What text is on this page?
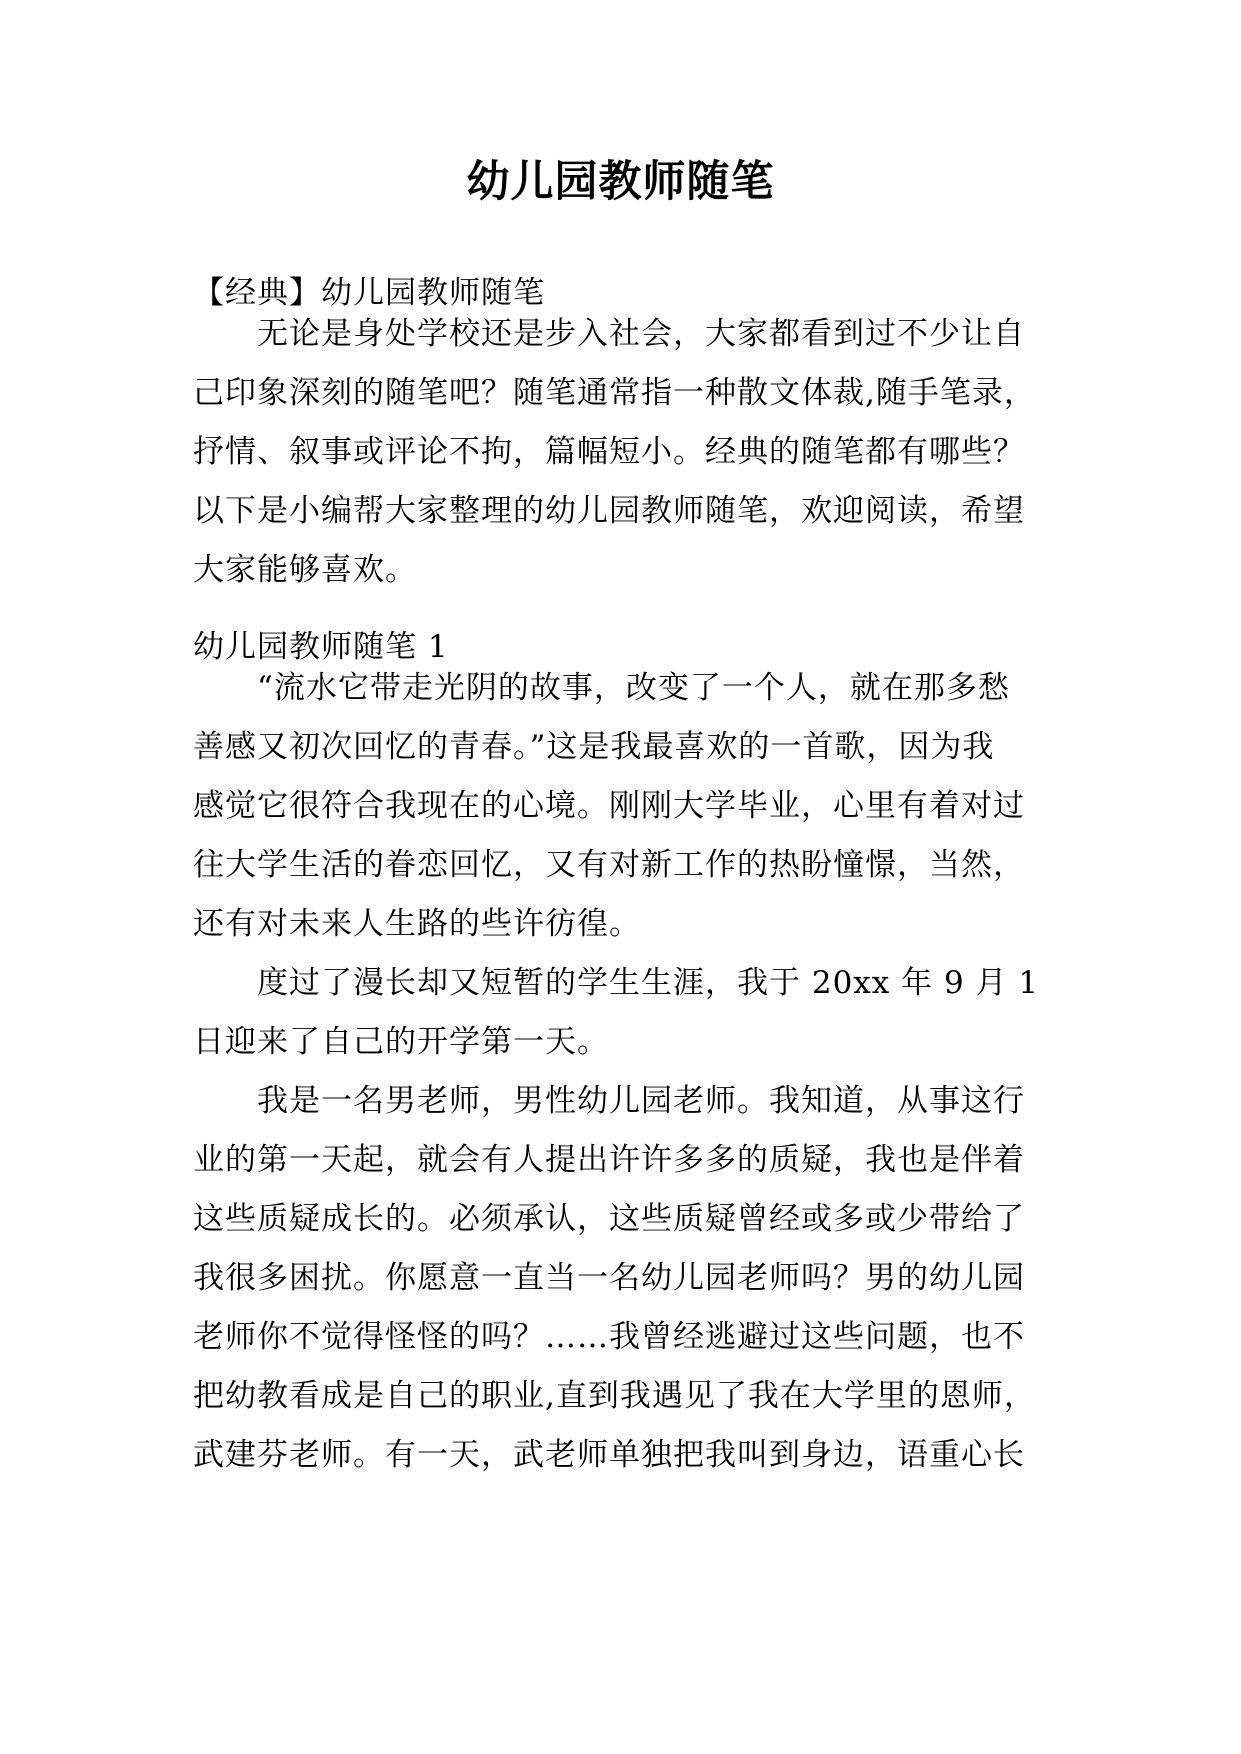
幼儿园教师随笔

【经典】幼儿园教师随笔

无论是身处学校还是步入社会，大家都看到过不少让自
己印象深刻的随笔吧？随笔通常指一种散文体裁,随手笔录，
抒情、叙事或评论不拘，篇幅短小。经典的随笔都有哪些？
以下是小编帮大家整理的幼儿园教师随笔，欢迎阅读，希望
大家能够喜欢。

幼儿园教师随笔 1

“流水它带走光阴的故事，改变了一个人，就在那多愁
善感又初次回忆的青春。”这是我最喜欢的一首歌，因为我
感觉它很符合我现在的心境。刚刚大学毕业，心里有着对过
往大学生活的眷恋回忆，又有对新工作的热盼憧憬，当然，
还有对未来人生路的些许彷徨。
度过了漫长却又短暂的学生生涯，我于 20xx 年 9 月 1
日迎来了自己的开学第一天。
我是一名男老师，男性幼儿园老师。我知道，从事这行
业的第一天起，就会有人提出许许多多的质疑，我也是伴着
这些质疑成长的。必须承认，这些质疑曾经或多或少带给了
我很多困扰。你愿意一直当一名幼儿园老师吗？男的幼儿园
老师你不觉得怪怪的吗？……我曾经逃避过这些问题，也不
把幼教看成是自己的职业,直到我遇见了我在大学里的恩师，
武建芬老师。有一天，武老师单独把我叫到身边，语重心长
